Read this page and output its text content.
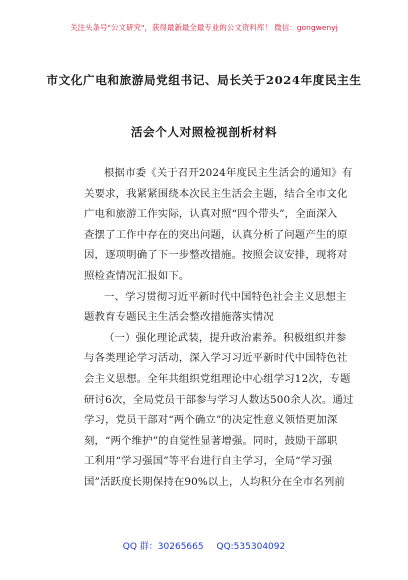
关注头条号"公文研究"，获得最新最全最专业的公文资料库！ 微信：gongwenyj
市文化广电和旅游局党组书记、局长关于2024年度民主生
活会个人对照检视剖析材料
根据市委《关于召开2024年度民主生活会的通知》有
关要求，我紧紧围绕本次民主生活会主题，结合全市文化
广电和旅游工作实际，认真对照“四个带头”，全面深入
查摆了工作中存在的突出问题，认真分析了问题产生的原
因，逐项明确了下一步整改措施。按照会议安排，现将对
照检查情况汇报如下。
一、学习贯彻习近平新时代中国特色社会主义思想主
题教育专题民主生活会整改措施落实情况
（一）强化理论武装，提升政治素养。积极组织并参
与各类理论学习活动，深入学习习近平新时代中国特色社
会主义思想。全年共组织党组理论中心组学习12次，专题
研讨6次，全局党员干部参与学习人数达500余人次。通过
学习，党员干部对“两个确立”的决定性意义领悟更加深
刻，“两个维护”的自觉性显著增强。同时，鼓励干部职
工利用“学习强国”等平台进行自主学习，全局“学习强
国”活跃度长期保持在90%以上，人均积分在全市名列前
QQ 群：30265665 QQ:535304092
